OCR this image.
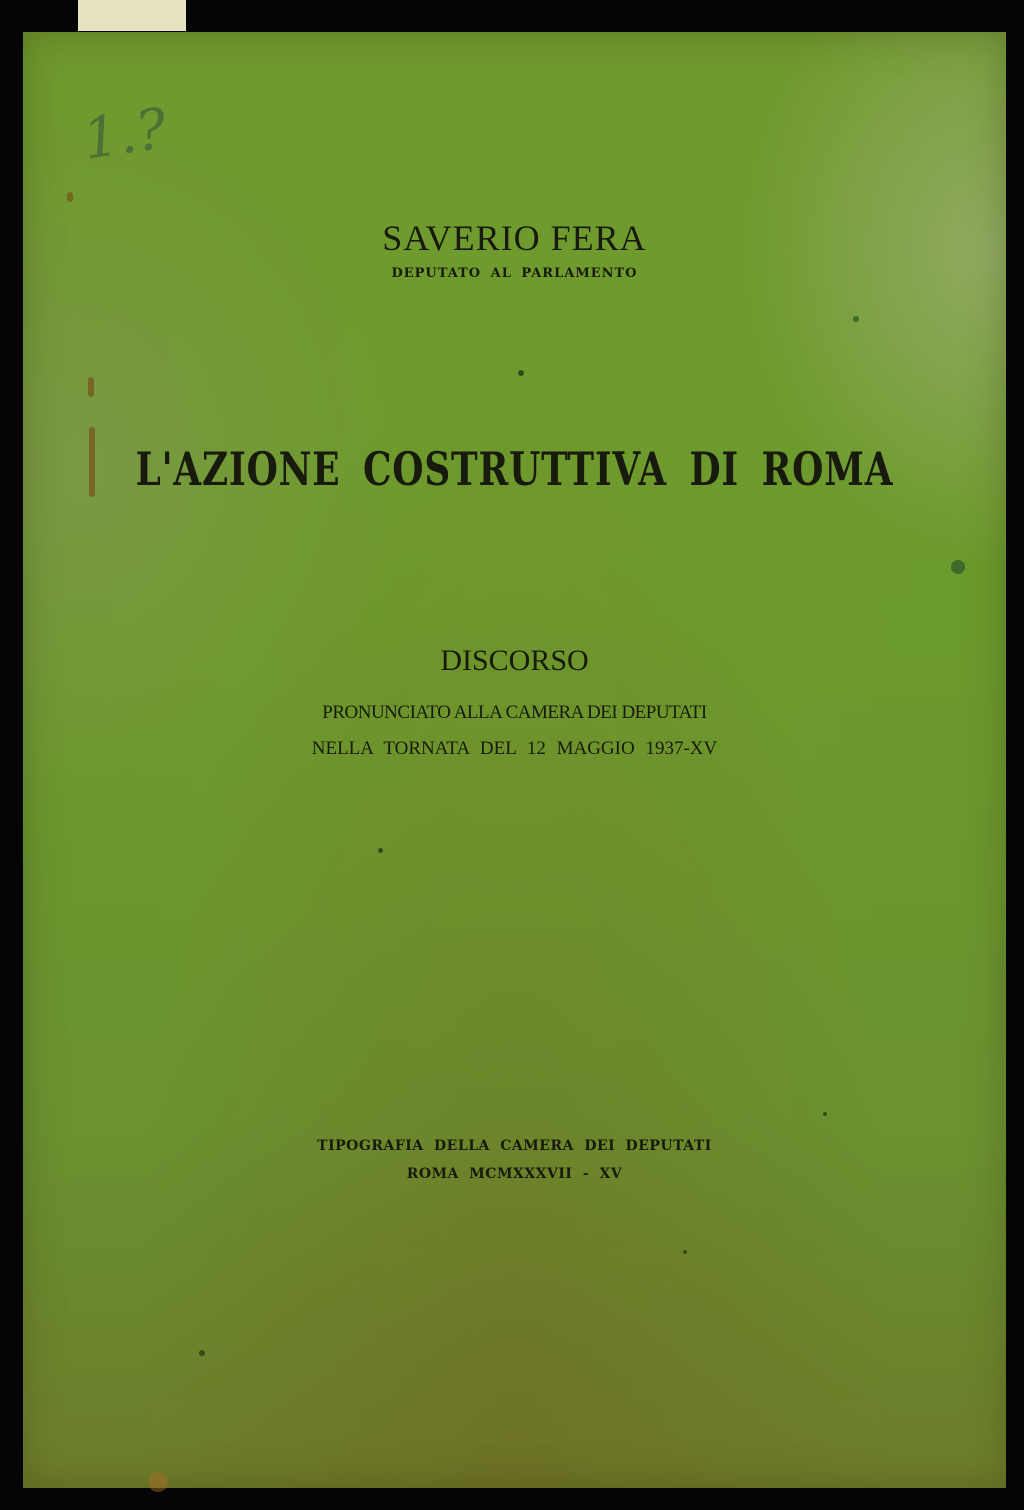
1.?
SAVERIO FERA
DEPUTATO AL PARLAMENTO
L'AZIONE COSTRUTTIVA DI ROMA
DISCORSO
PRONUNCIATO ALLA CAMERA DEI DEPUTATI
NELLA TORNATA DEL 12 MAGGIO 1937-XV
TIPOGRAFIA DELLA CAMERA DEI DEPUTATI
ROMA MCMXXXVII - XV
